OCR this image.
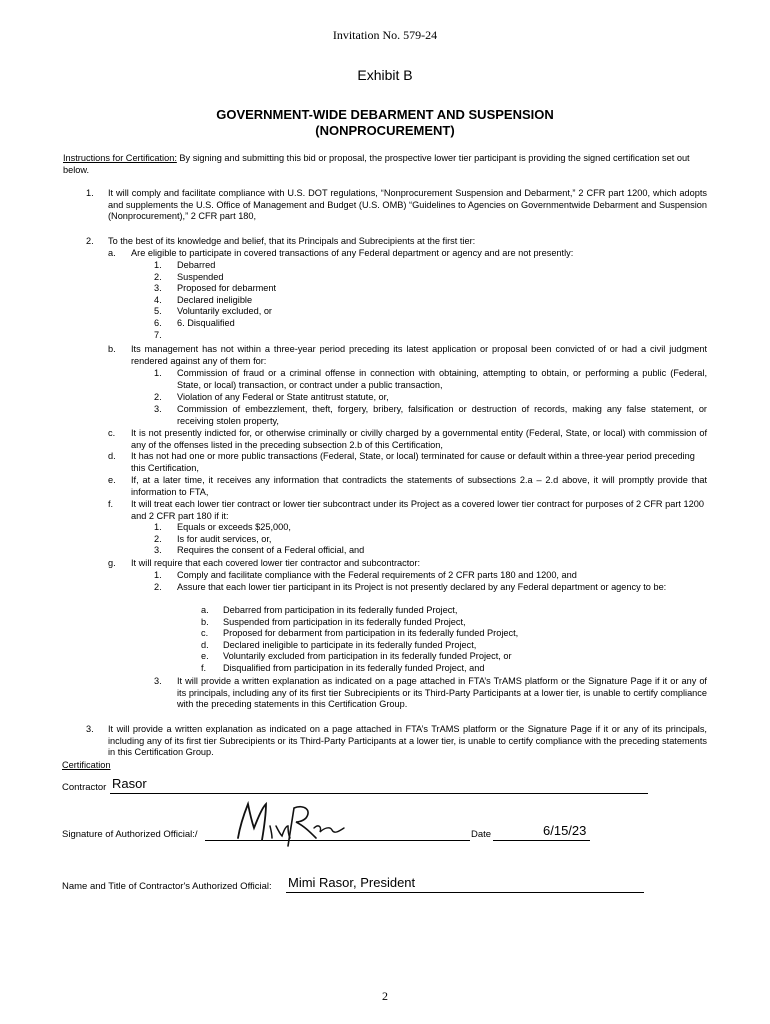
Invitation No. 579-24
Exhibit B
GOVERNMENT-WIDE DEBARMENT AND SUSPENSION
(NONPROCUREMENT)
Instructions for Certification: By signing and submitting this bid or proposal, the prospective lower tier participant is providing the signed certification set out below.
1. It will comply and facilitate compliance with U.S. DOT regulations, “Nonprocurement Suspension and Debarment,” 2 CFR part 1200, which adopts and supplements the U.S. Office of Management and Budget (U.S. OMB) “Guidelines to Agencies on Governmentwide Debarment and Suspension (Nonprocurement),” 2 CFR part 180,
2. To the best of its knowledge and belief, that its Principals and Subrecipients at the first tier:
a. Are eligible to participate in covered transactions of any Federal department or agency and are not presently:
1. Debarred
2. Suspended
3. Proposed for debarment
4. Declared ineligible
5. Voluntarily excluded, or
6. 6. Disqualified
7.
b. Its management has not within a three-year period preceding its latest application or proposal been convicted of or had a civil judgment rendered against any of them for:
1. Commission of fraud or a criminal offense in connection with obtaining, attempting to obtain, or performing a public (Federal, State, or local) transaction, or contract under a public transaction,
2. Violation of any Federal or State antitrust statute, or,
3. Commission of embezzlement, theft, forgery, bribery, falsification or destruction of records, making any false statement, or receiving stolen property,
c. It is not presently indicted for, or otherwise criminally or civilly charged by a governmental entity (Federal, State, or local) with commission of any of the offenses listed in the preceding subsection 2.b of this Certification,
d. It has not had one or more public transactions (Federal, State, or local) terminated for cause or default within a three-year period preceding this Certification,
e. If, at a later time, it receives any information that contradicts the statements of subsections 2.a – 2.d above, it will promptly provide that information to FTA,
f. It will treat each lower tier contract or lower tier subcontract under its Project as a covered lower tier contract for purposes of 2 CFR part 1200 and 2 CFR part 180 if it:
1. Equals or exceeds $25,000,
2. Is for audit services, or,
3. Requires the consent of a Federal official, and
g. It will require that each covered lower tier contractor and subcontractor:
1. Comply and facilitate compliance with the Federal requirements of 2 CFR parts 180 and 1200, and
2. Assure that each lower tier participant in its Project is not presently declared by any Federal department or agency to be:
a. Debarred from participation in its federally funded Project,
b. Suspended from participation in its federally funded Project,
c. Proposed for debarment from participation in its federally funded Project,
d. Declared ineligible to participate in its federally funded Project,
e. Voluntarily excluded from participation in its federally funded Project, or
f. Disqualified from participation in its federally funded Project, and
3. It will provide a written explanation as indicated on a page attached in FTA’s TrAMS platform or the Signature Page if it or any of its principals, including any of its first tier Subrecipients or its Third-Party Participants at a lower tier, is unable to certify compliance with the preceding statements in this Certification Group.
3. It will provide a written explanation as indicated on a page attached in FTA’s TrAMS platform or the Signature Page if it or any of its principals, including any of its first tier Subrecipients or its Third-Party Participants at a lower tier, is unable to certify compliance with the preceding statements in this Certification Group.
Certification
Contractor Rasor
Signature of Authorized Official:/	Date	6/15/23
Name and Title of Contractor's Authorized Official: Mimi Rasor, President
2
